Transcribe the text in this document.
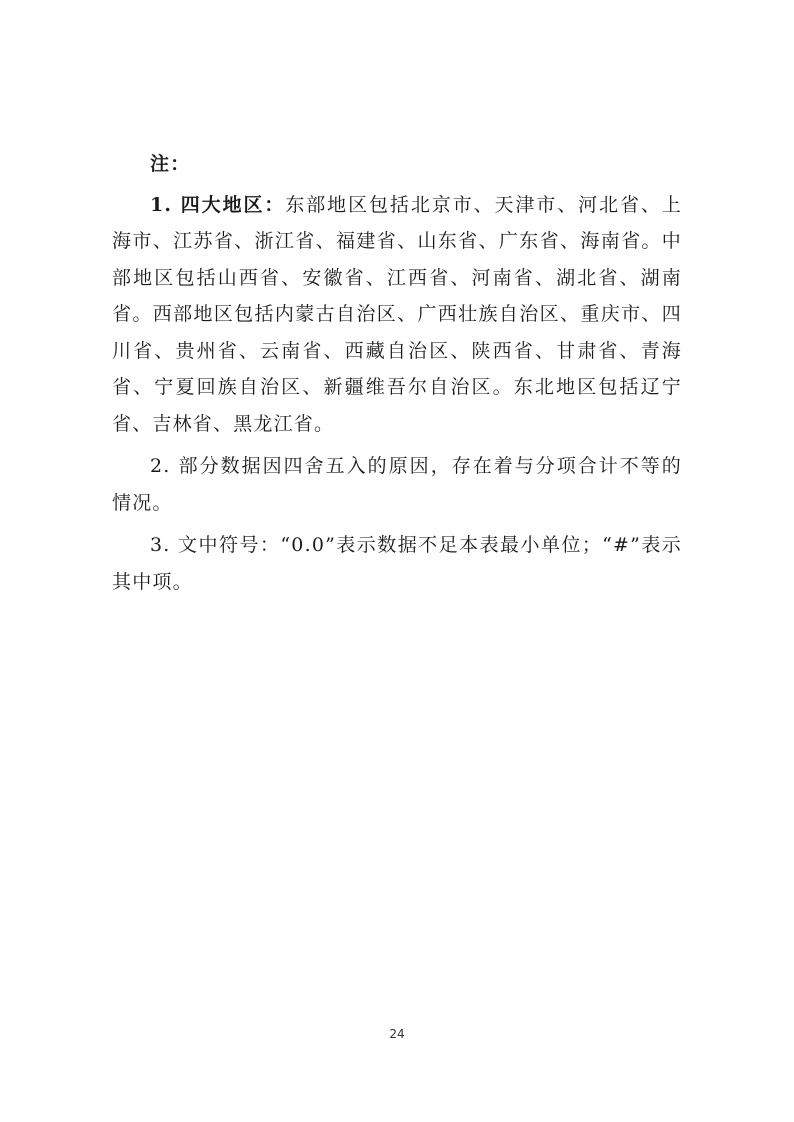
注：

1. 四大地区：东部地区包括北京市、天津市、河北省、上海市、江苏省、浙江省、福建省、山东省、广东省、海南省。中部地区包括山西省、安徽省、江西省、河南省、湖北省、湖南省。西部地区包括内蒙古自治区、广西壮族自治区、重庆市、四川省、贵州省、云南省、西藏自治区、陕西省、甘肃省、青海省、宁夏回族自治区、新疆维吾尔自治区。东北地区包括辽宁省、吉林省、黑龙江省。

2. 部分数据因四舍五入的原因，存在着与分项合计不等的情况。

3. 文中符号：“0.0”表示数据不足本表最小单位；“#”表示其中项。

24
